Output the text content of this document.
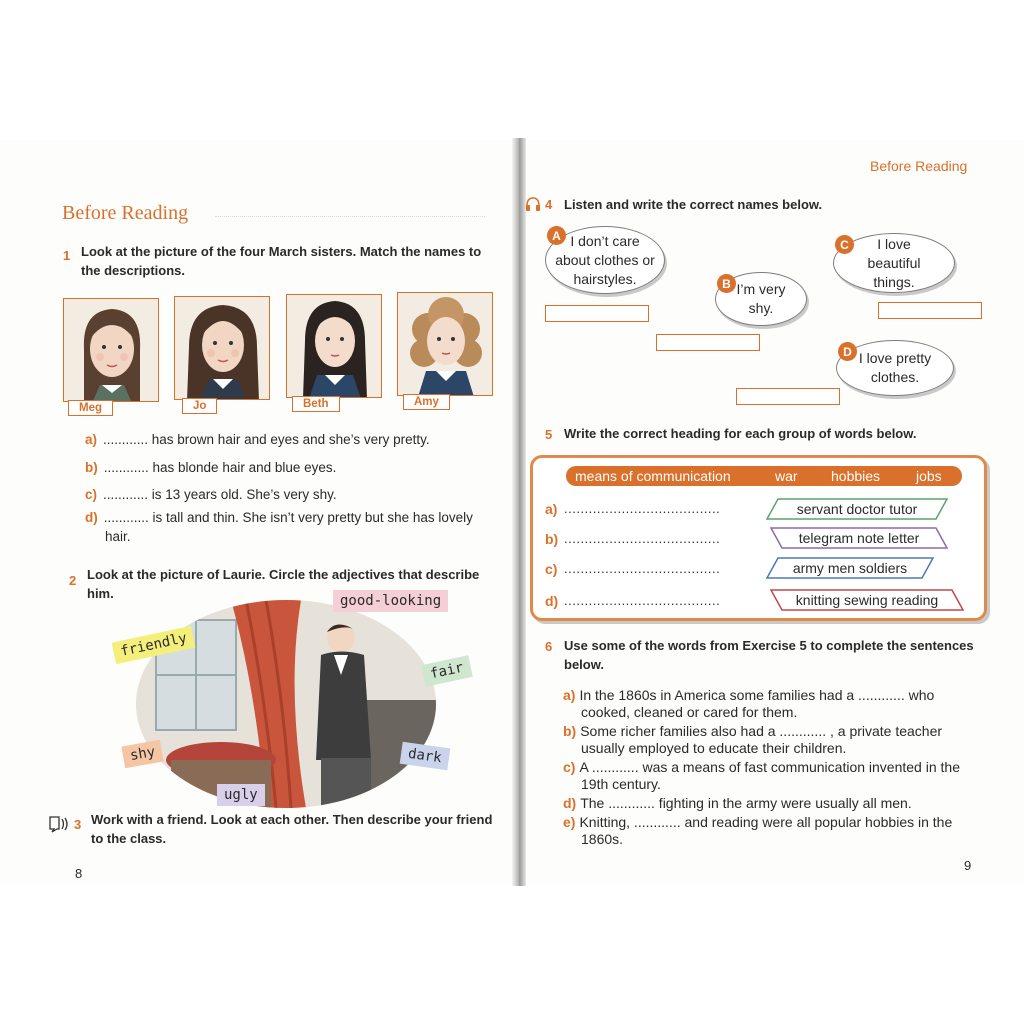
Before Reading
1 Look at the picture of the four March sisters. Match the names to the descriptions.
Meg	Jo	Beth	Amy
a) ............ has brown hair and eyes and she’s very pretty.
b) ............ has blonde hair and blue eyes.
c) ............ is 13 years old. She’s very shy.
d) ............ is tall and thin. She isn’t very pretty but she has lovely hair.
2 Look at the picture of Laurie. Circle the adjectives that describe him.	good-looking
friendly
fair
shy	dark
ugly
3 Work with a friend. Look at each other. Then describe your friend to the class.
8
Before Reading
4 Listen and write the correct names below.
I don’t care about clothes or hairstyles.
A
I’m very shy.
B
I love beautiful things.
C
I love pretty clothes.
D
5 Write the correct heading for each group of words below.
means of communication	war hobbies	jobs
a) ......................................	servant doctor tutor
b) ......................................	telegram note letter
c) ......................................	army men soldiers
d) ......................................	knitting sewing reading
6 Use some of the words from Exercise 5 to complete the sentences below.
a) In the 1860s in America some families had a ............ who cooked, cleaned or cared for them.
b) Some richer families also had a ............ , a private teacher usually employed to educate their children.
c) A ............ was a means of fast communication invented in the 19th century.
d) The ............ fighting in the army were usually all men.
e) Knitting, ............ and reading were all popular hobbies in the 1860s.
9
